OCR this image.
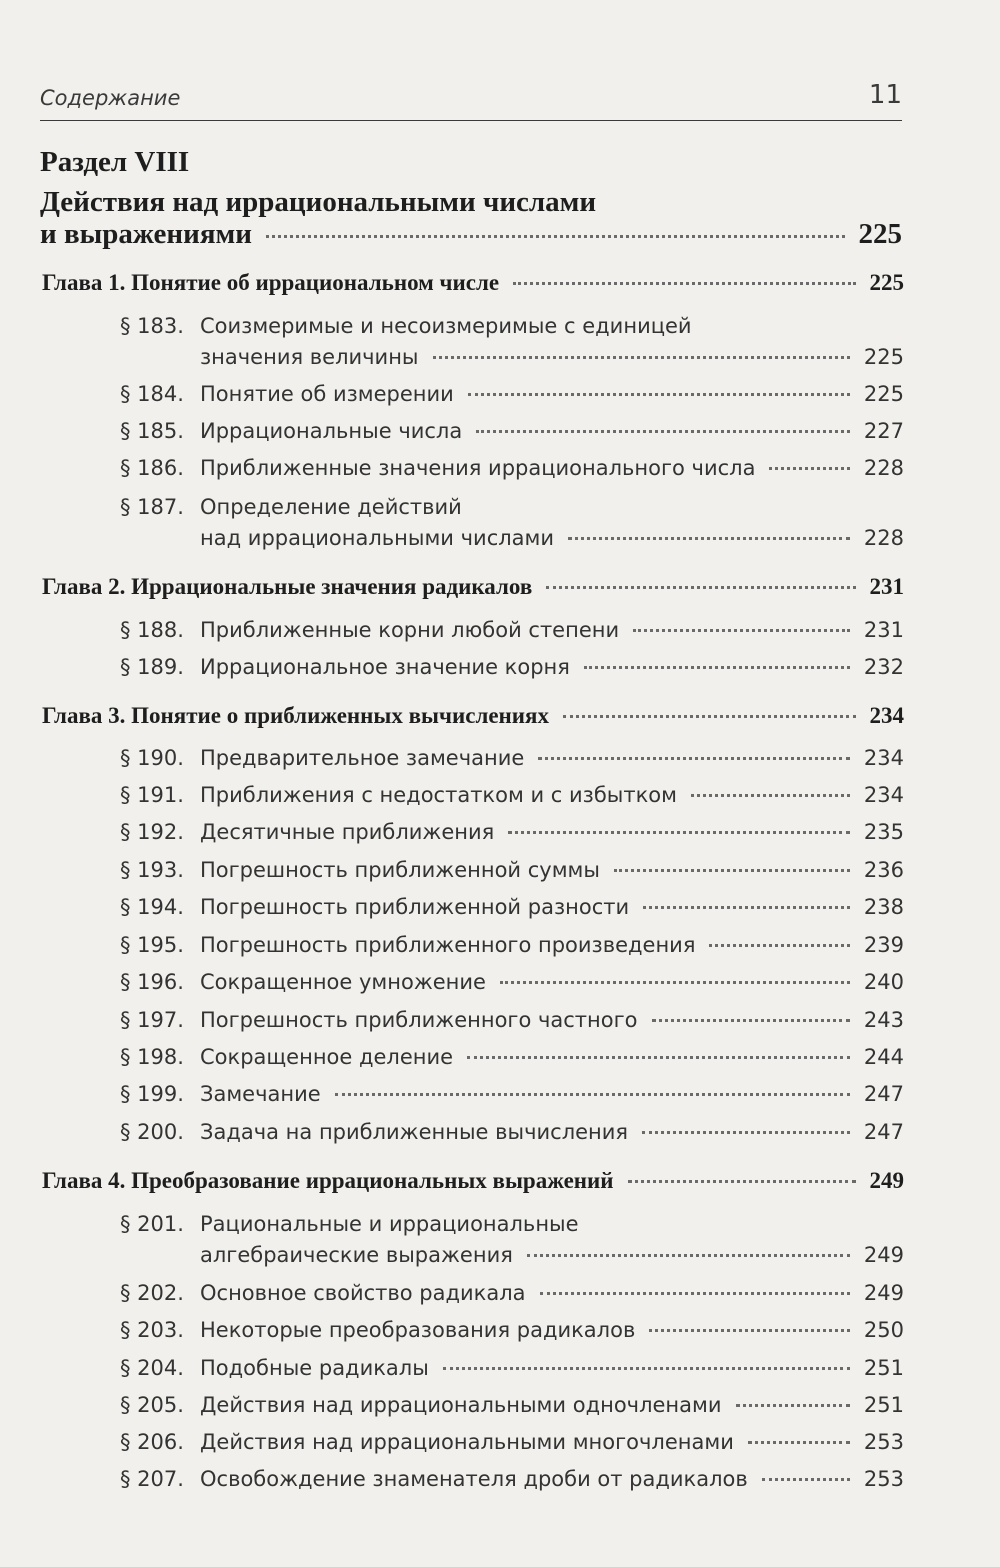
Содержание	11
Раздел VIII
Действия над иррациональными числами
и выражениями	225
Глава 1. Понятие об иррациональном числе	225
§ 183. Соизмеримые и несоизмеримые с единицей
значения величины	225
§ 184. Понятие об измерении	225
§ 185. Иррациональные числа	227
§ 186. Приближенные значения иррационального числа	228
§ 187. Определение действий
над иррациональными числами	228
Глава 2. Иррациональные значения радикалов	231
§ 188. Приближенные корни любой степени	231
§ 189. Иррациональное значение корня	232
Глава 3. Понятие о приближенных вычислениях	234
§ 190. Предварительное замечание	234
§ 191. Приближения с недостатком и с избытком	234
§ 192. Десятичные приближения	235
§ 193. Погрешность приближенной суммы	236
§ 194. Погрешность приближенной разности	238
§ 195. Погрешность приближенного произведения	239
§ 196. Сокращенное умножение	240
§ 197. Погрешность приближенного частного	243
§ 198. Сокращенное деление	244
§ 199. Замечание	247
§ 200. Задача на приближенные вычисления	247
Глава 4. Преобразование иррациональных выражений	249
§ 201. Рациональные и иррациональные
алгебраические выражения	249
§ 202. Основное свойство радикала	249
§ 203. Некоторые преобразования радикалов	250
§ 204. Подобные радикалы	251
§ 205. Действия над иррациональными одночленами	251
§ 206. Действия над иррациональными многочленами	253
§ 207. Освобождение знаменателя дроби от радикалов	253
